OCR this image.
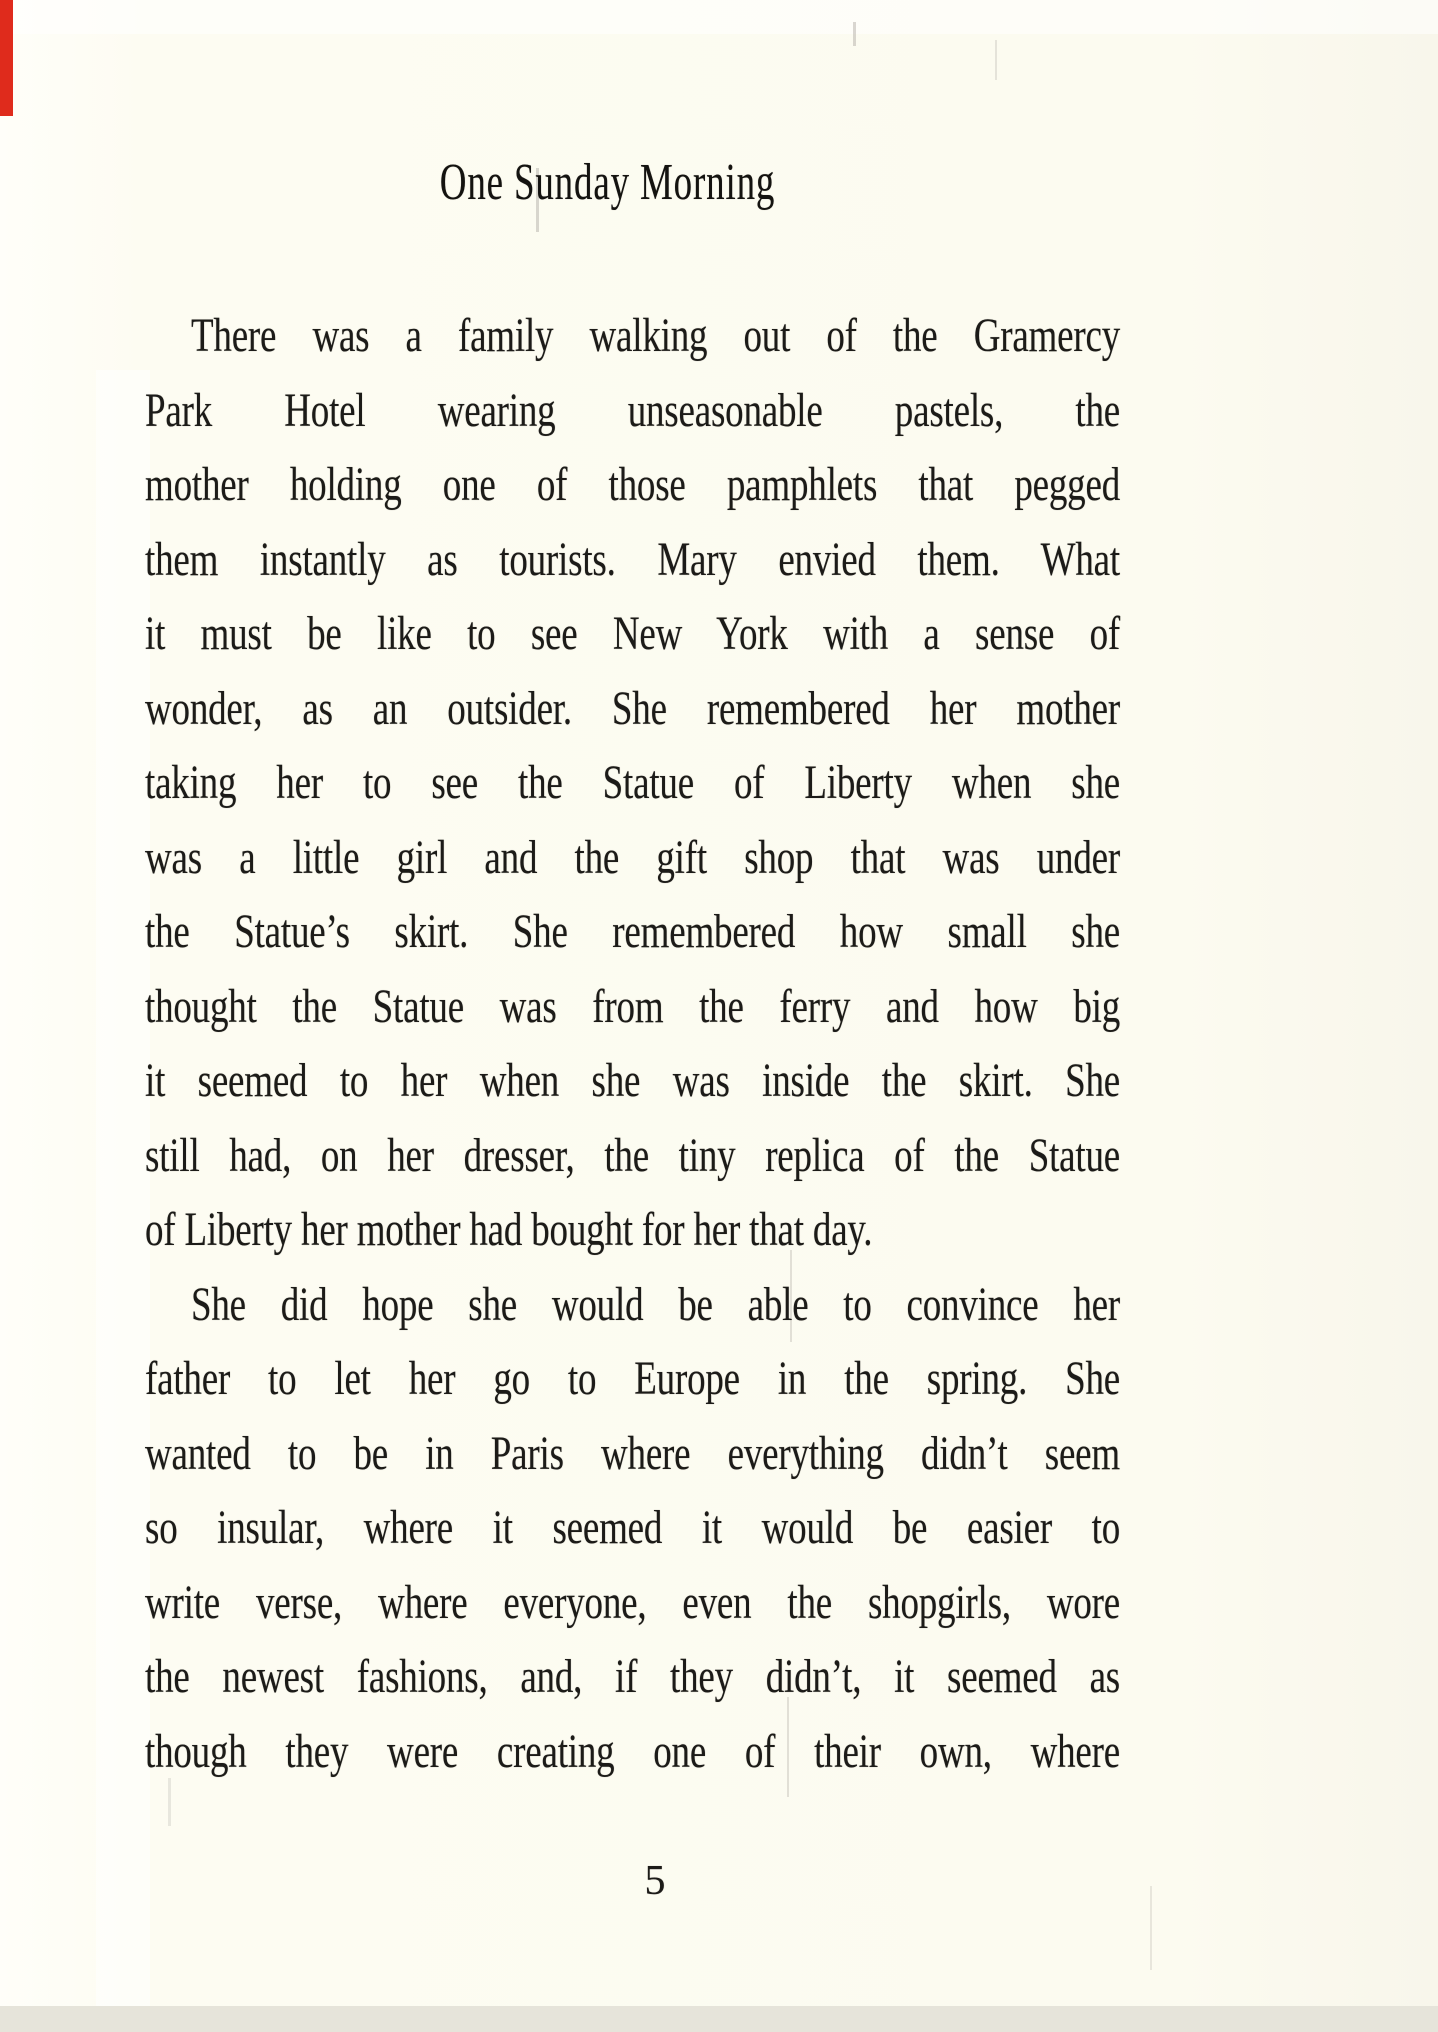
One Sunday Morning
There was a family walking out of the Gramercy
Park Hotel wearing unseasonable pastels, the
mother holding one of those pamphlets that pegged
them instantly as tourists. Mary envied them. What
it must be like to see New York with a sense of
wonder, as an outsider. She remembered her mother
taking her to see the Statue of Liberty when she
was a little girl and the gift shop that was under
the Statue’s skirt. She remembered how small she
thought the Statue was from the ferry and how big
it seemed to her when she was inside the skirt. She
still had, on her dresser, the tiny replica of the Statue
of Liberty her mother had bought for her that day.
She did hope she would be able to convince her
father to let her go to Europe in the spring. She
wanted to be in Paris where everything didn’t seem
so insular, where it seemed it would be easier to
write verse, where everyone, even the shopgirls, wore
the newest fashions, and, if they didn’t, it seemed as
though they were creating one of their own, where
5
